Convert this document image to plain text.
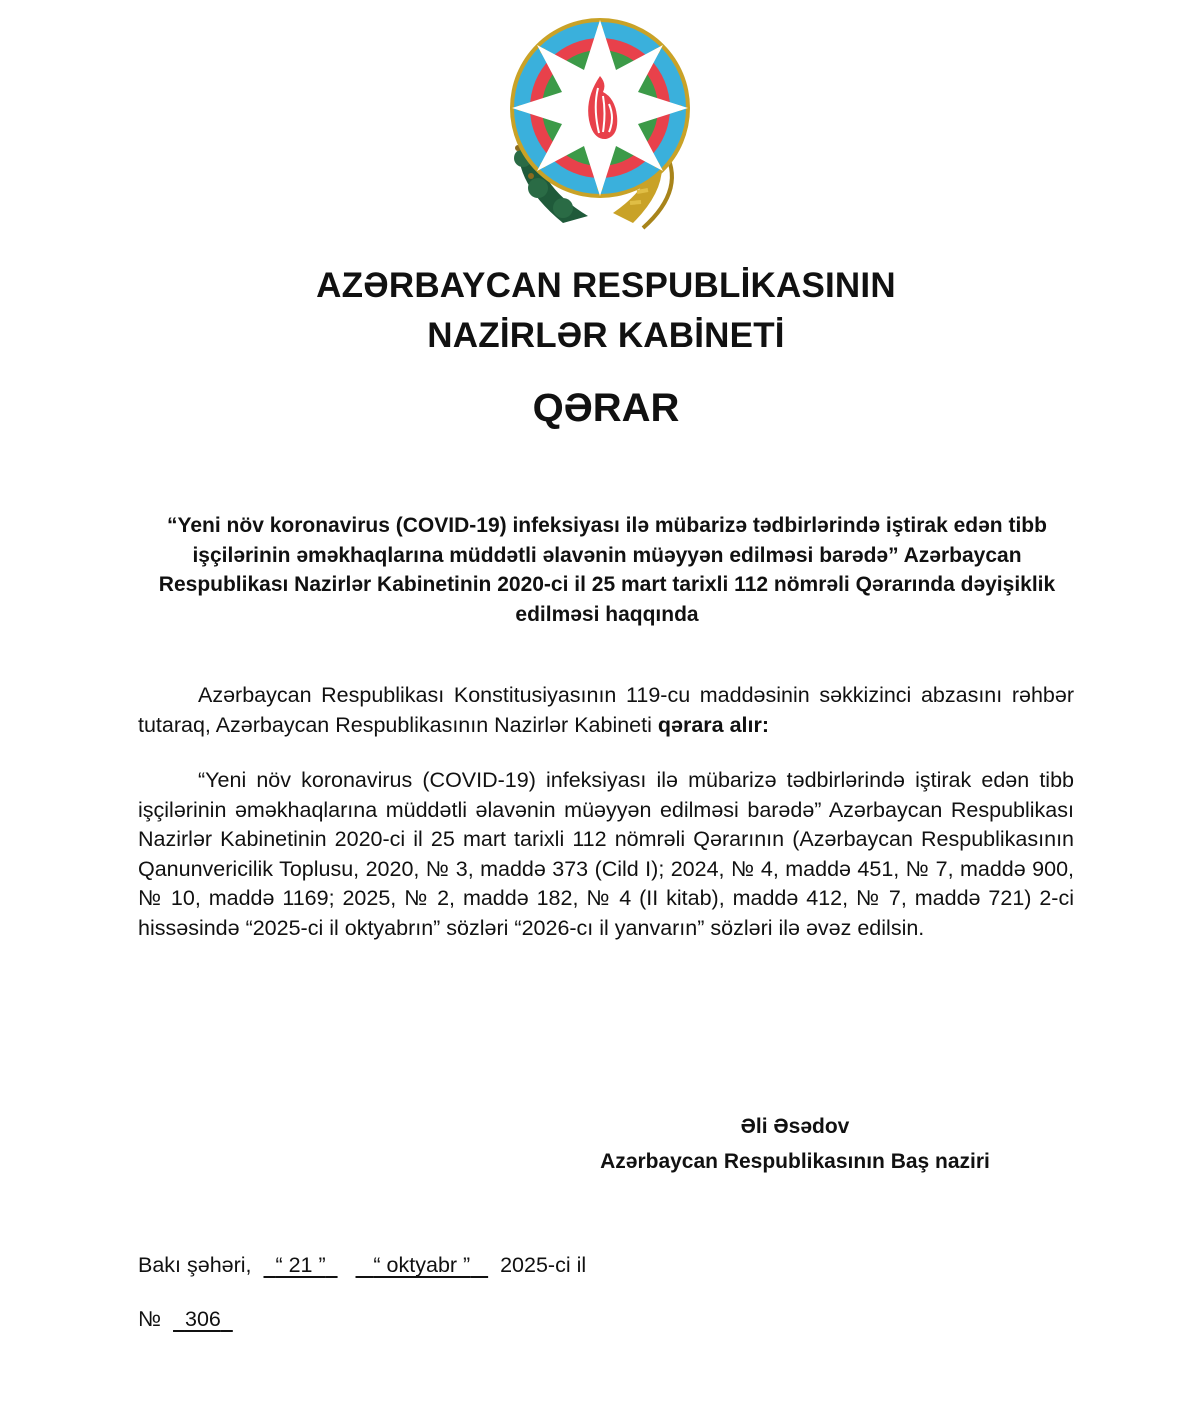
AZƏRBAYCAN RESPUBLİKASININ
NAZİRLƏR KABİNETİ
QƏRAR
“Yeni növ koronavirus (COVID-19) infeksiyası ilə mübarizə tədbirlərində iştirak edən tibb işçilərinin əməkhaqlarına müddətli əlavənin müəyyən edilməsi barədə” Azərbaycan Respublikası Nazirlər Kabinetinin 2020-ci il 25 mart tarixli 112 nömrəli Qərarında dəyişiklik edilməsi haqqında
Azərbaycan Respublikası Konstitusiyasının 119-cu maddəsinin səkkizinci abzasını rəhbər tutaraq, Azərbaycan Respublikasının Nazirlər Kabineti qərara alır:
“Yeni növ koronavirus (COVID-19) infeksiyası ilə mübarizə tədbirlərində iştirak edən tibb işçilərinin əməkhaqlarına müddətli əlavənin müəyyən edilməsi barədə” Azərbaycan Respublikası Nazirlər Kabinetinin 2020-ci il 25 mart tarixli 112 nömrəli Qərarının (Azərbaycan Respublikasının Qanunvericilik Toplusu, 2020, № 3, maddə 373 (Cild I); 2024, № 4, maddə 451, № 7, maddə 900, № 10, maddə 1169; 2025, № 2, maddə 182, № 4 (II kitab), maddə 412, № 7, maddə 721) 2-ci hissəsində “2025-ci il oktyabrın” sözləri “2026-cı il yanvarın” sözləri ilə əvəz edilsin.
Əli Əsədov
Azərbaycan Respublikasının Baş naziri
Bakı şəhəri, “ 21 ” “ oktyabr ” 2025-ci il
№ 306
